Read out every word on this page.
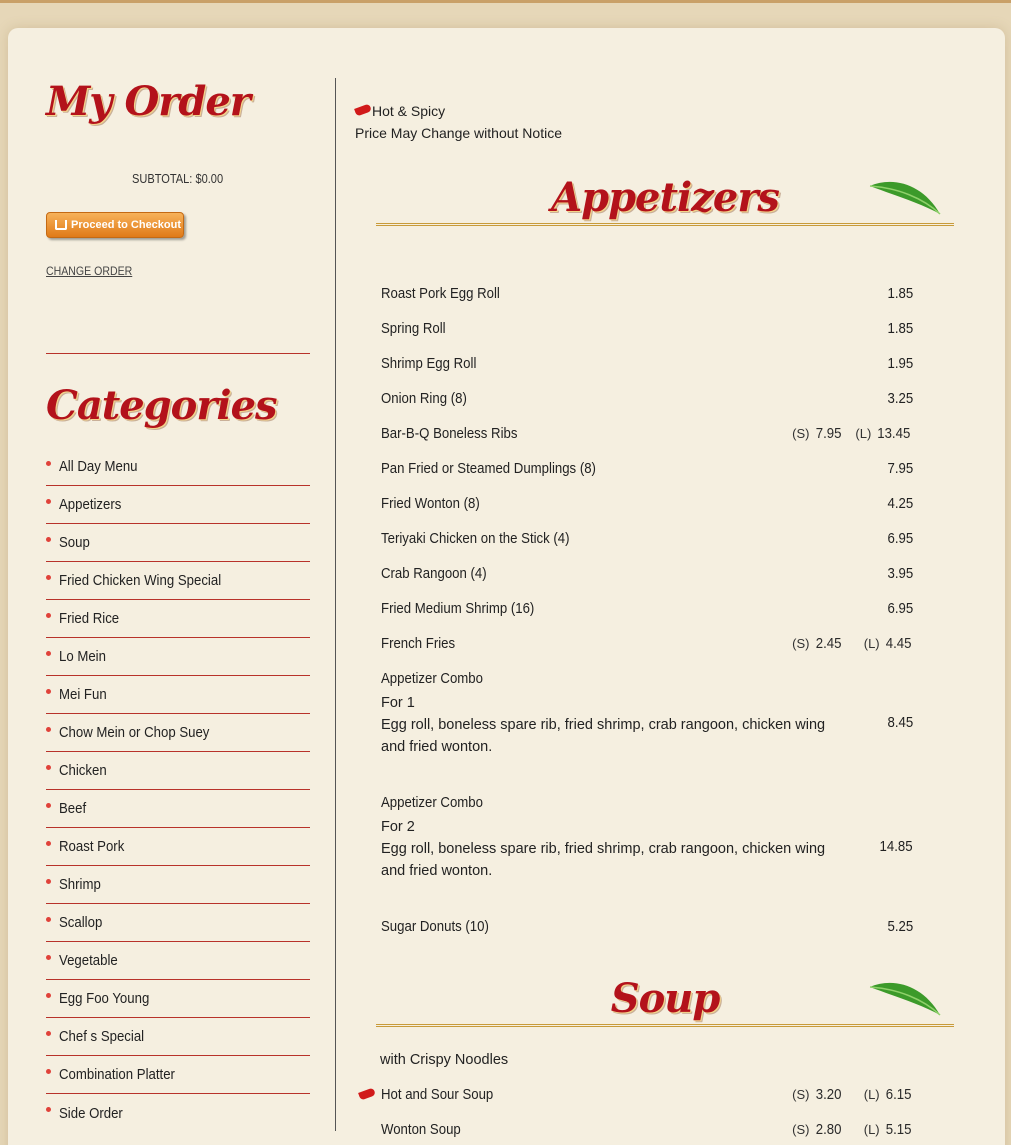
My Order
SUBTOTAL: $0.00
Proceed to Checkout
CHANGE ORDER
Categories
All Day Menu
Appetizers
Soup
Fried Chicken Wing Special
Fried Rice
Lo Mein
Mei Fun
Chow Mein or Chop Suey
Chicken
Beef
Roast Pork
Shrimp
Scallop
Vegetable
Egg Foo Young
Chef s Special
Combination Platter
Side Order
Hot & Spicy
Price May Change without Notice
Appetizers
Roast Pork Egg Roll	1.85
Spring Roll	1.85
Shrimp Egg Roll	1.95
Onion Ring (8)	3.25
Bar-B-Q Boneless Ribs	(S) 7.95 (L) 13.45
Pan Fried or Steamed Dumplings (8)	7.95
Fried Wonton (8)	4.25
Teriyaki Chicken on the Stick (4)	6.95
Crab Rangoon (4)	3.95
Fried Medium Shrimp (16)	6.95
French Fries	(S) 2.45 (L) 4.45
Appetizer Combo
For 1
Egg roll, boneless spare rib, fried shrimp, crab rangoon, chicken wing and fried wonton.
8.45
Appetizer Combo
For 2
Egg roll, boneless spare rib, fried shrimp, crab rangoon, chicken wing and fried wonton.
14.85
Sugar Donuts (10)	5.25
Soup
with Crispy Noodles
Hot and Sour Soup	(S) 3.20 (L) 6.15
Wonton Soup	(S) 2.80 (L) 5.15
